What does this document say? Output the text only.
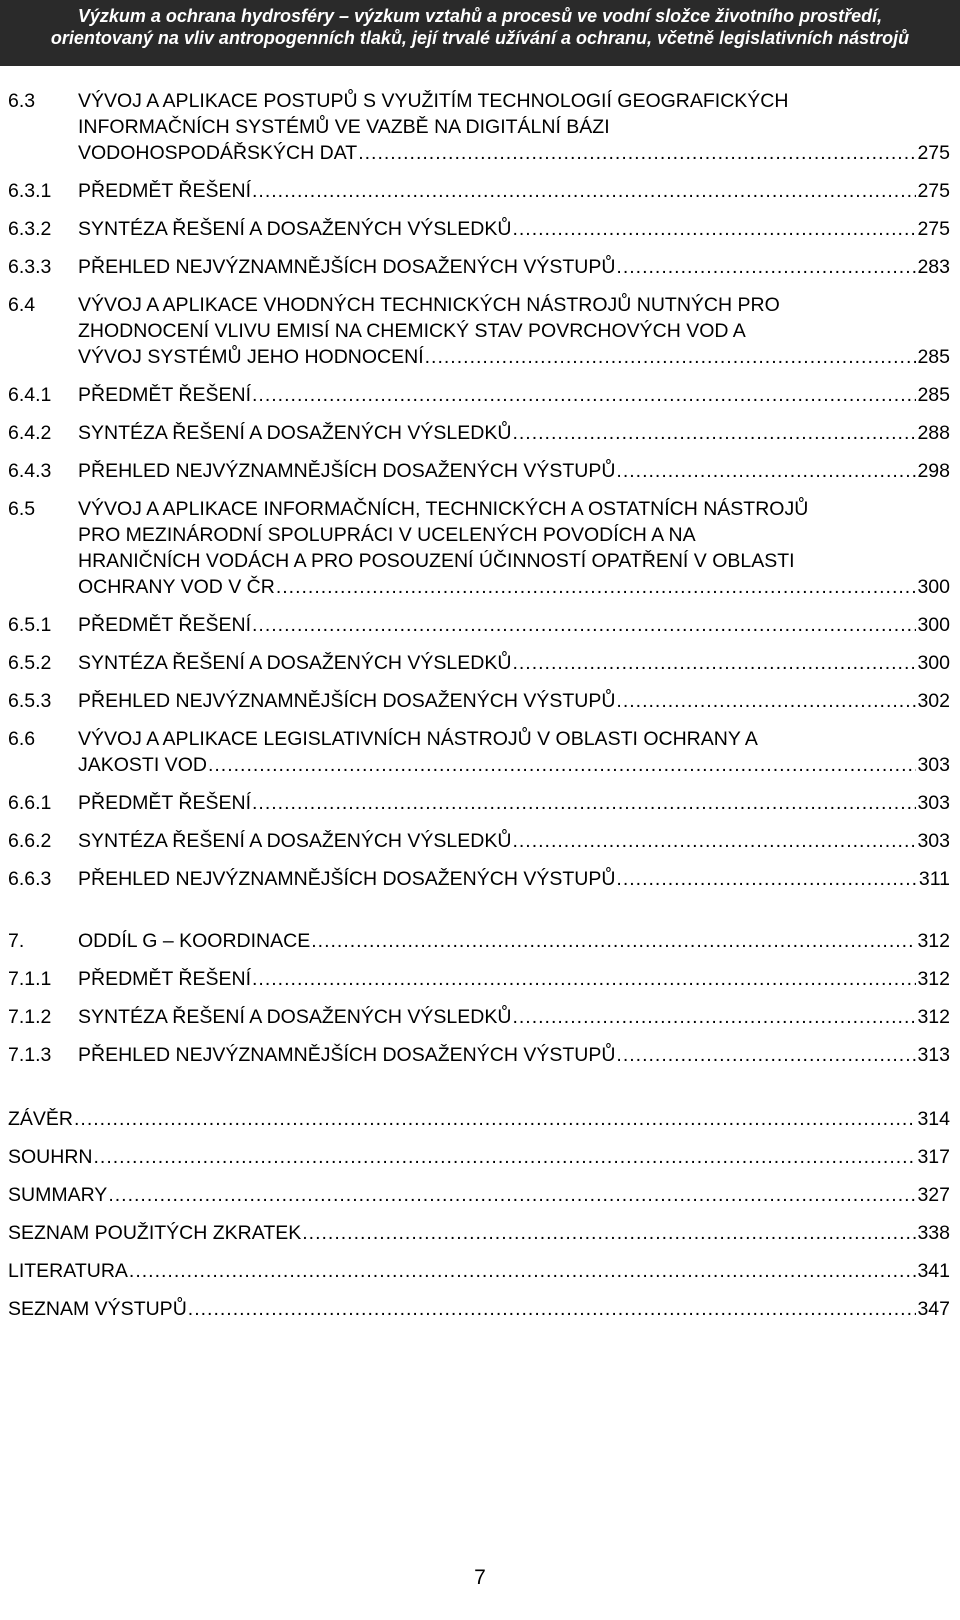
Výzkum a ochrana hydrosféry – výzkum vztahů a procesů ve vodní složce životního prostředí,
orientovaný na vliv antropogenních tlaků, její trvalé užívání a ochranu, včetně legislativních nástrojů
6.3 VÝVOJ A APLIKACE POSTUPŮ S VYUŽITÍM TECHNOLOGIÍ GEOGRAFICKÝCH
INFORMAČNÍCH SYSTÉMŮ VE VAZBĚ NA DIGITÁLNÍ BÁZI
VODOHOSPODÁŘSKÝCH DAT .....	275
6.3.1 PŘEDMĚT ŘEŠENÍ .....	275
6.3.2 SYNTÉZA ŘEŠENÍ A DOSAŽENÝCH VÝSLEDKŮ .....	275
6.3.3 PŘEHLED NEJVÝZNAMNĚJŠÍCH DOSAŽENÝCH VÝSTUPŮ .....	283
6.4 VÝVOJ A APLIKACE VHODNÝCH TECHNICKÝCH NÁSTROJŮ NUTNÝCH PRO
ZHODNOCENÍ VLIVU EMISÍ NA CHEMICKÝ STAV POVRCHOVÝCH VOD A
VÝVOJ SYSTÉMŮ JEHO HODNOCENÍ .....	285
6.4.1 PŘEDMĚT ŘEŠENÍ .....	285
6.4.2 SYNTÉZA ŘEŠENÍ A DOSAŽENÝCH VÝSLEDKŮ .....	288
6.4.3 PŘEHLED NEJVÝZNAMNĚJŠÍCH DOSAŽENÝCH VÝSTUPŮ .....	298
6.5 VÝVOJ A APLIKACE INFORMAČNÍCH, TECHNICKÝCH A OSTATNÍCH NÁSTROJŮ
PRO MEZINÁRODNÍ SPOLUPRÁCI V UCELENÝCH POVODÍCH A NA
HRANIČNÍCH VODÁCH A PRO POSOUZENÍ ÚČINNOSTÍ OPATŘENÍ V OBLASTI
OCHRANY VOD V ČR .....	300
6.5.1 PŘEDMĚT ŘEŠENÍ .....	300
6.5.2 SYNTÉZA ŘEŠENÍ A DOSAŽENÝCH VÝSLEDKŮ .....	300
6.5.3 PŘEHLED NEJVÝZNAMNĚJŠÍCH DOSAŽENÝCH VÝSTUPŮ .....	302
6.6 VÝVOJ A APLIKACE LEGISLATIVNÍCH NÁSTROJŮ V OBLASTI OCHRANY A
JAKOSTI VOD .....	303
6.6.1 PŘEDMĚT ŘEŠENÍ .....	303
6.6.2 SYNTÉZA ŘEŠENÍ A DOSAŽENÝCH VÝSLEDKŮ .....	303
6.6.3 PŘEHLED NEJVÝZNAMNĚJŠÍCH DOSAŽENÝCH VÝSTUPŮ .....	311
7.	ODDÍL G – KOORDINACE .....	312
7.1.1 PŘEDMĚT ŘEŠENÍ .....	312
7.1.2 SYNTÉZA ŘEŠENÍ A DOSAŽENÝCH VÝSLEDKŮ .....	312
7.1.3 PŘEHLED NEJVÝZNAMNĚJŠÍCH DOSAŽENÝCH VÝSTUPŮ .....	313
ZÁVĚR .....	314
SOUHRN .....	317
SUMMARY .....	327
SEZNAM POUŽITÝCH ZKRATEK .....	338
LITERATURA .....	341
SEZNAM VÝSTUPŮ .....	347
7
